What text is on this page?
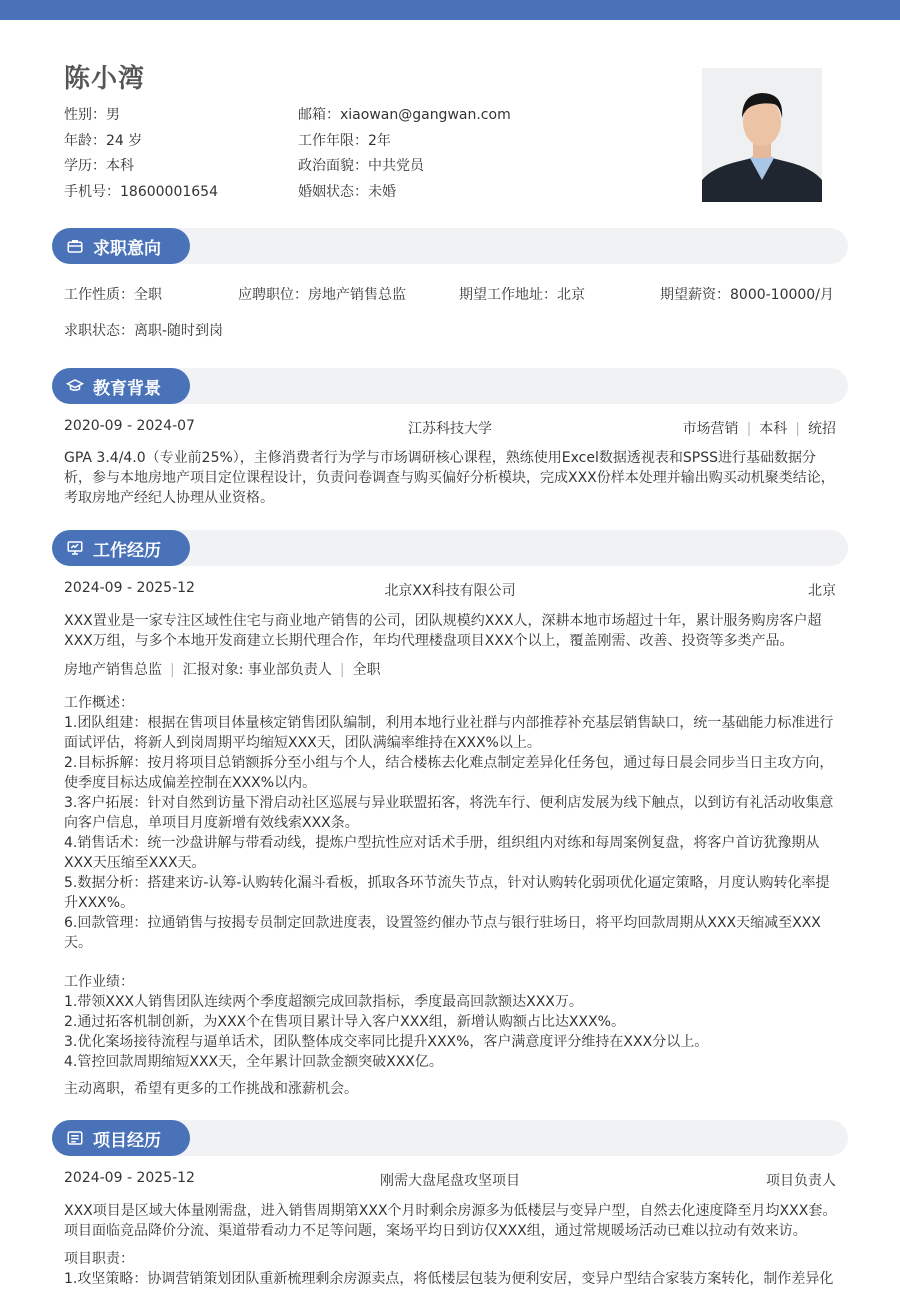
陈小湾
性别：男	邮箱：xiaowan@gangwan.com
年龄：24 岁	工作年限：2年
学历：本科	政治面貌：中共党员
手机号：18600001654	婚姻状态：未婚
求职意向
工作性质：全职	应聘职位：房地产销售总监	期望工作地址：北京	期望薪资：8000-10000/月
求职状态：离职-随时到岗
教育背景
2020-09 - 2024-07	江苏科技大学	市场营销 | 本科 | 统招
GPA 3.4/4.0（专业前25%），主修消费者行为学与市场调研核心课程，熟练使用Excel数据透视表和SPSS进行基础数据分析，参与本地房地产项目定位课程设计，负责问卷调查与购买偏好分析模块，完成XXX份样本处理并输出购买动机聚类结论，考取房地产经纪人协理从业资格。
工作经历
2024-09 - 2025-12	北京XX科技有限公司	北京
XXX置业是一家专注区域性住宅与商业地产销售的公司，团队规模约XXX人，深耕本地市场超过十年，累计服务购房客户超XXX万组，与多个本地开发商建立长期代理合作，年均代理楼盘项目XXX个以上，覆盖刚需、改善、投资等多类产品。
房地产销售总监 | 汇报对象: 事业部负责人 | 全职
工作概述：
1.团队组建：根据在售项目体量核定销售团队编制，利用本地行业社群与内部推荐补充基层销售缺口，统一基础能力标准进行面试评估，将新人到岗周期平均缩短XXX天，团队满编率维持在XXX%以上。
2.目标拆解：按月将项目总销额拆分至小组与个人，结合楼栋去化难点制定差异化任务包，通过每日晨会同步当日主攻方向，使季度目标达成偏差控制在XXX%以内。
3.客户拓展：针对自然到访量下滑启动社区巡展与异业联盟拓客，将洗车行、便利店发展为线下触点，以到访有礼活动收集意向客户信息，单项目月度新增有效线索XXX条。
4.销售话术：统一沙盘讲解与带看动线，提炼户型抗性应对话术手册，组织组内对练和每周案例复盘，将客户首访犹豫期从XXX天压缩至XXX天。
5.数据分析：搭建来访-认筹-认购转化漏斗看板，抓取各环节流失节点，针对认购转化弱项优化逼定策略，月度认购转化率提升XXX%。
6.回款管理：拉通销售与按揭专员制定回款进度表，设置签约催办节点与银行驻场日，将平均回款周期从XXX天缩减至XXX天。
工作业绩：
1.带领XXX人销售团队连续两个季度超额完成回款指标，季度最高回款额达XXX万。
2.通过拓客机制创新，为XXX个在售项目累计导入客户XXX组，新增认购额占比达XXX%。
3.优化案场接待流程与逼单话术，团队整体成交率同比提升XXX%，客户满意度评分维持在XXX分以上。
4.管控回款周期缩短XXX天，全年累计回款金额突破XXX亿。
主动离职，希望有更多的工作挑战和涨薪机会。
项目经历
2024-09 - 2025-12	刚需大盘尾盘攻坚项目	项目负责人
XXX项目是区域大体量刚需盘，进入销售周期第XXX个月时剩余房源多为低楼层与变异户型，自然去化速度降至月均XXX套。项目面临竞品降价分流、渠道带看动力不足等问题，案场平均日到访仅XXX组，通过常规暖场活动已难以拉动有效来访。
项目职责：
1.攻坚策略：协调营销策划团队重新梳理剩余房源卖点，将低楼层包装为便利安居，变异户型结合家装方案转化，制作差异化
